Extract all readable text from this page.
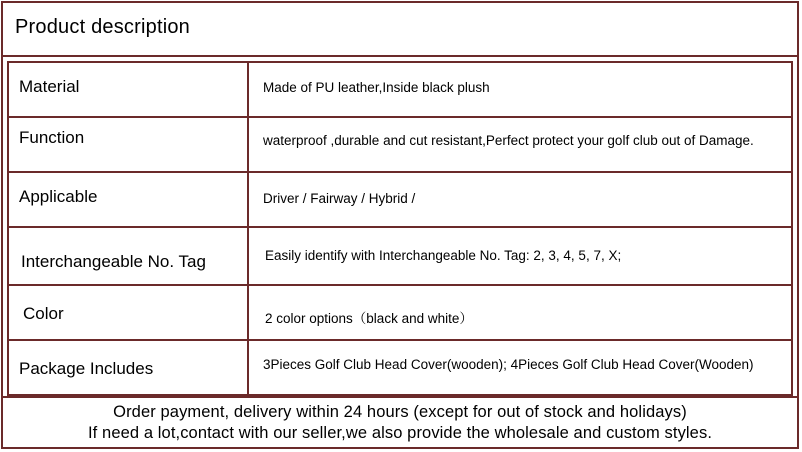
Product description
Material	Made of PU leather,Inside black plush
Function	waterproof ,durable and cut resistant,Perfect protect your golf club out of Damage.
Applicable	Driver / Fairway / Hybrid /
Interchangeable No. Tag	Easily identify with Interchangeable No. Tag: 2, 3, 4, 5, 7, X;
Color	2 color options（black and white）
Package Includes	3Pieces Golf Club Head Cover(wooden); 4Pieces Golf Club Head Cover(Wooden)
Order payment, delivery within 24 hours (except for out of stock and holidays)
If need a lot,contact with our seller,we also provide the wholesale and custom styles.
